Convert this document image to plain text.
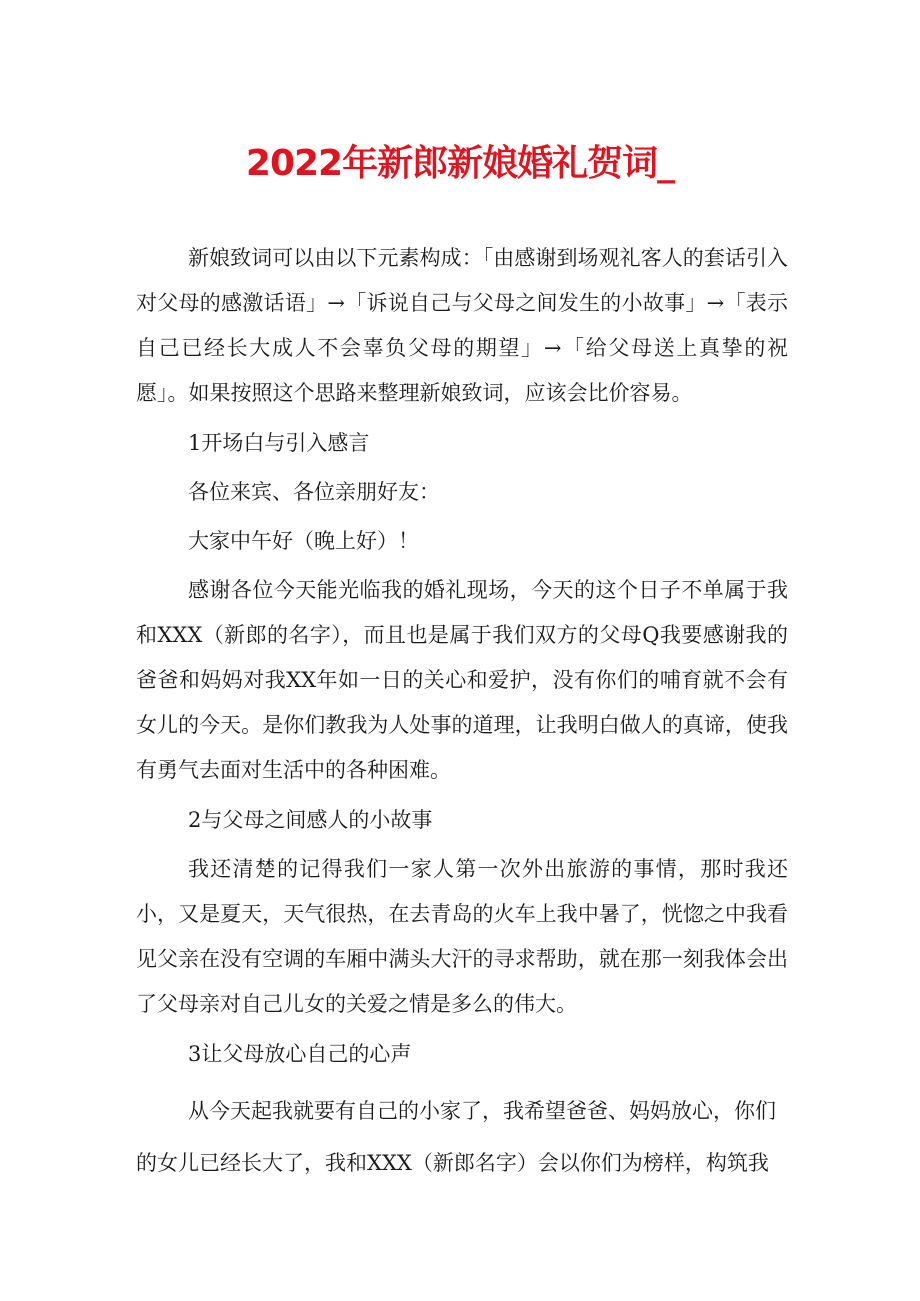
2022年新郎新娘婚礼贺词_

新娘致词可以由以下元素构成：「由感谢到场观礼客人的套话引入对父母的感激话语」→「诉说自己与父母之间发生的小故事」→「表示自己已经长大成人不会辜负父母的期望」→「给父母送上真挚的祝愿」。如果按照这个思路来整理新娘致词，应该会比价容易。

1开场白与引入感言

各位来宾、各位亲朋好友：

大家中午好（晚上好）！

感谢各位今天能光临我的婚礼现场，今天的这个日子不单属于我和XXX（新郎的名字），而且也是属于我们双方的父母Q我要感谢我的爸爸和妈妈对我XX年如一日的关心和爱护，没有你们的哺育就不会有女儿的今天。是你们教我为人处事的道理，让我明白做人的真谛，使我有勇气去面对生活中的各种困难。

2与父母之间感人的小故事

我还清楚的记得我们一家人第一次外出旅游的事情，那时我还小，又是夏天，天气很热，在去青岛的火车上我中暑了，恍惚之中我看见父亲在没有空调的车厢中满头大汗的寻求帮助，就在那一刻我体会出了父母亲对自己儿女的关爱之情是多么的伟大。

3让父母放心自己的心声

从今天起我就要有自己的小家了，我希望爸爸、妈妈放心，你们的女儿已经长大了，我和XXX（新郎名字）会以你们为榜样，构筑我
